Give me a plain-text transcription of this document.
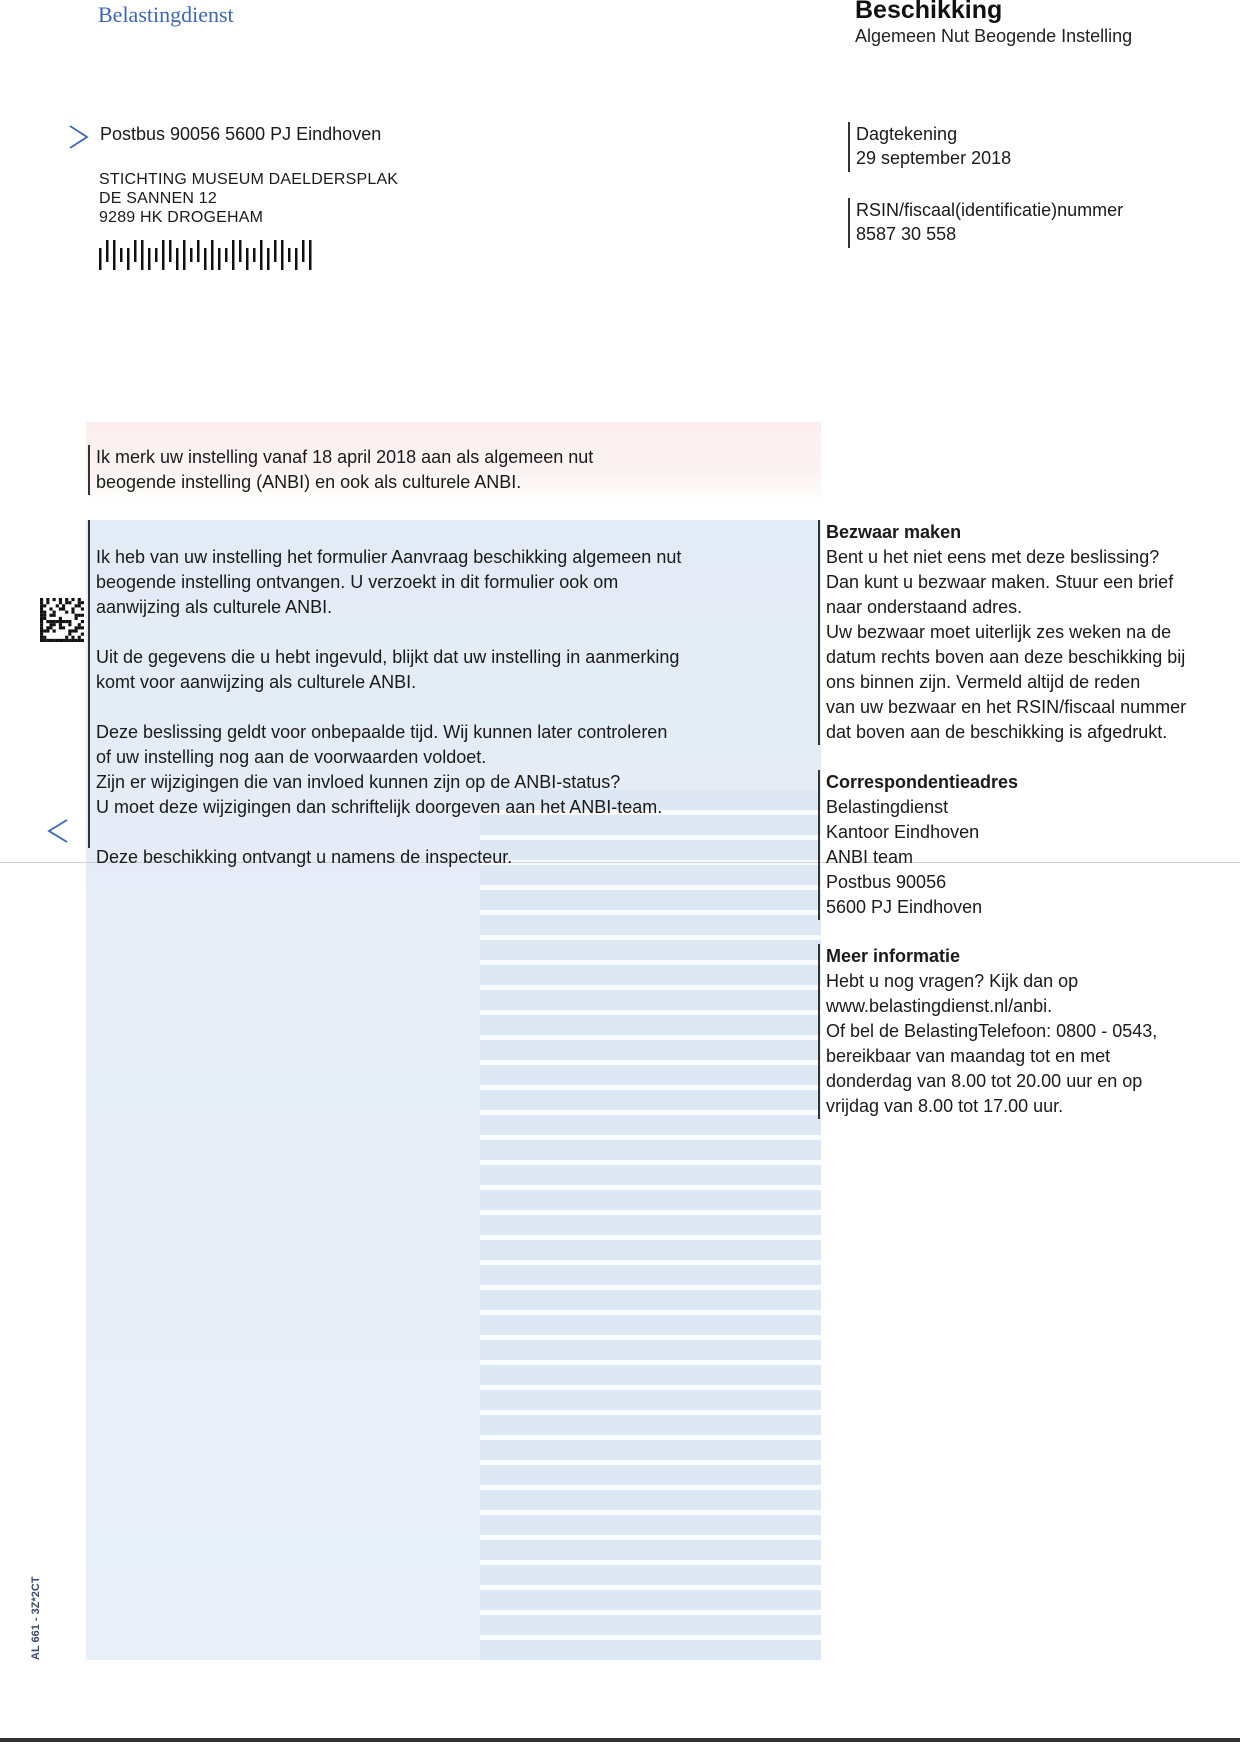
Belastingdienst	Beschikking
Algemeen Nut Beogende Instelling
Postbus 90056 5600 PJ Eindhoven
STICHTING MUSEUM DAELDERSPLAK
DE SANNEN 12
9289 HK DROGEHAM
Dagtekening
29 september 2018
RSIN/fiscaal(identificatie)nummer
8587 30 558
Ik merk uw instelling vanaf 18 april 2018 aan als algemeen nut
beogende instelling (ANBI) en ook als culturele ANBI.

Ik heb van uw instelling het formulier Aanvraag beschikking algemeen nut
beogende instelling ontvangen. U verzoekt in dit formulier ook om
aanwijzing als culturele ANBI.

Uit de gegevens die u hebt ingevuld, blijkt dat uw instelling in aanmerking
komt voor aanwijzing als culturele ANBI.

Deze beslissing geldt voor onbepaalde tijd. Wij kunnen later controleren
of uw instelling nog aan de voorwaarden voldoet.
Zijn er wijzigingen die van invloed kunnen zijn op de ANBI-status?
U moet deze wijzigingen dan schriftelijk doorgeven aan het ANBI-team.

Deze beschikking ontvangt u namens de inspecteur.

Bezwaar maken
Bent u het niet eens met deze beslissing?
Dan kunt u bezwaar maken. Stuur een brief
naar onderstaand adres.
Uw bezwaar moet uiterlijk zes weken na de
datum rechts boven aan deze beschikking bij
ons binnen zijn. Vermeld altijd de reden
van uw bezwaar en het RSIN/fiscaal nummer
dat boven aan de beschikking is afgedrukt.
Correspondentieadres
Belastingdienst
Kantoor Eindhoven
ANBI team
Postbus 90056
5600 PJ Eindhoven
Meer informatie
Hebt u nog vragen? Kijk dan op
www.belastingdienst.nl/anbi.
Of bel de BelastingTelefoon: 0800 - 0543,
bereikbaar van maandag tot en met
donderdag van 8.00 tot 20.00 uur en op
vrijdag van 8.00 tot 17.00 uur.
AL 661 - 3Z*2CT
